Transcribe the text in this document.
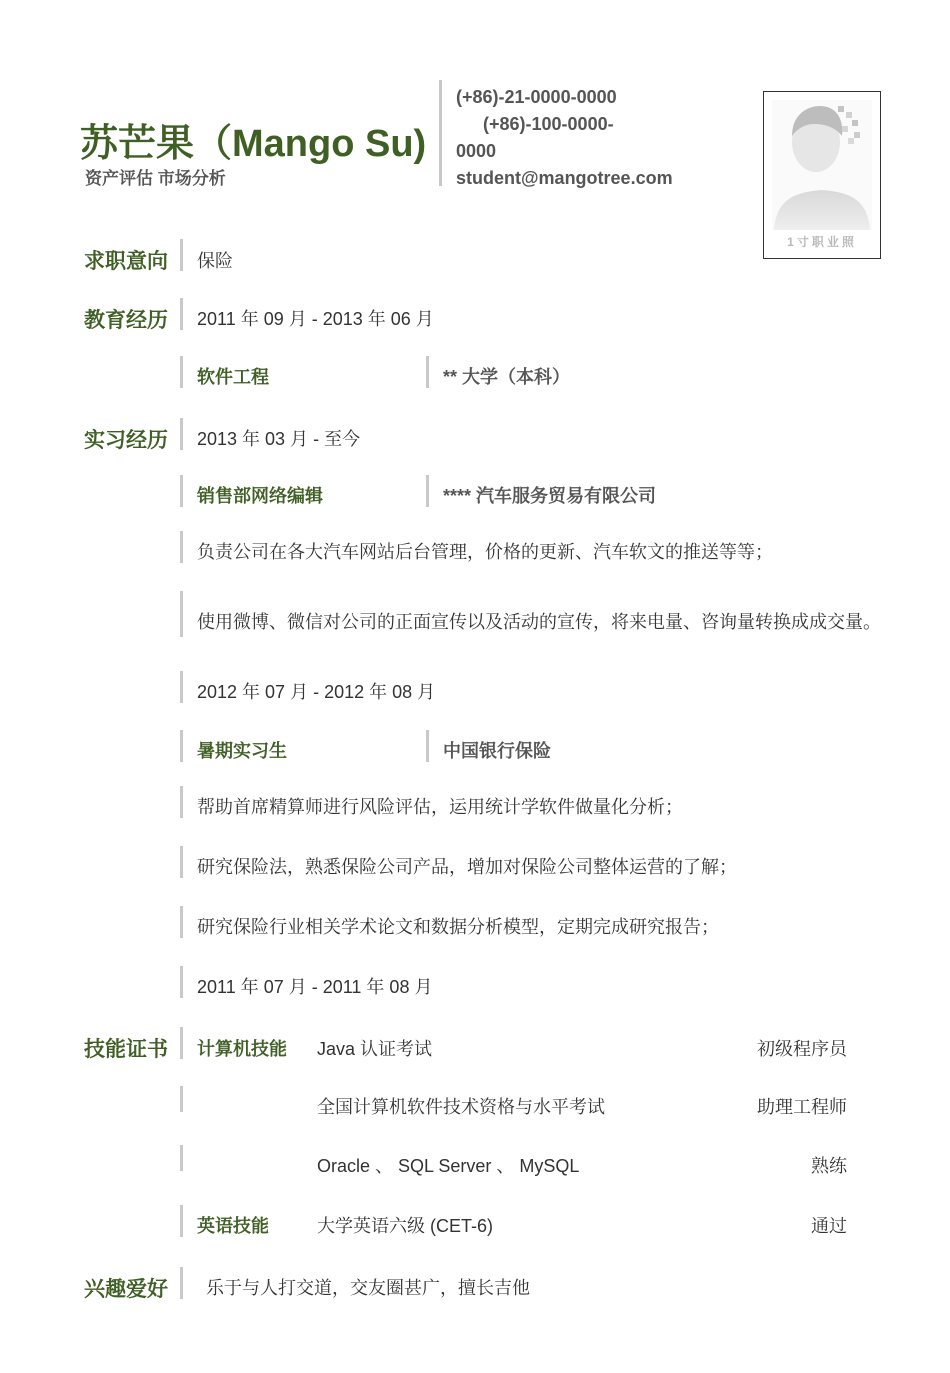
苏芒果（Mango Su)
资产评估 市场分析
(+86)-21-0000-0000
(+86)-100-0000-
0000
student@mangotree.com
1寸职业照
求职意向 保险
教育经历 2011 年 09 月 - 2013 年 06 月
软件工程	** 大学（本科）
实习经历 2013 年 03 月 - 至今
销售部网络编辑	**** 汽车服务贸易有限公司
负责公司在各大汽车网站后台管理，价格的更新、汽车软文的推送等等；
使用微博、微信对公司的正面宣传以及活动的宣传，将来电量、咨询量转换成成交量。
2012 年 07 月 - 2012 年 08 月
暑期实习生	中国银行保险
帮助首席精算师进行风险评估，运用统计学软件做量化分析；
研究保险法，熟悉保险公司产品，增加对保险公司整体运营的了解；
研究保险行业相关学术论文和数据分析模型，定期完成研究报告；
2011 年 07 月 - 2011 年 08 月
技能证书 计算机技能 Java 认证考试	初级程序员
全国计算机软件技术资格与水平考试	助理工程师
Oracle 、 SQL Server 、 MySQL	熟练
英语技能	大学英语六级 (CET-6)	通过
兴趣爱好 乐于与人打交道，交友圈甚广，擅长吉他
